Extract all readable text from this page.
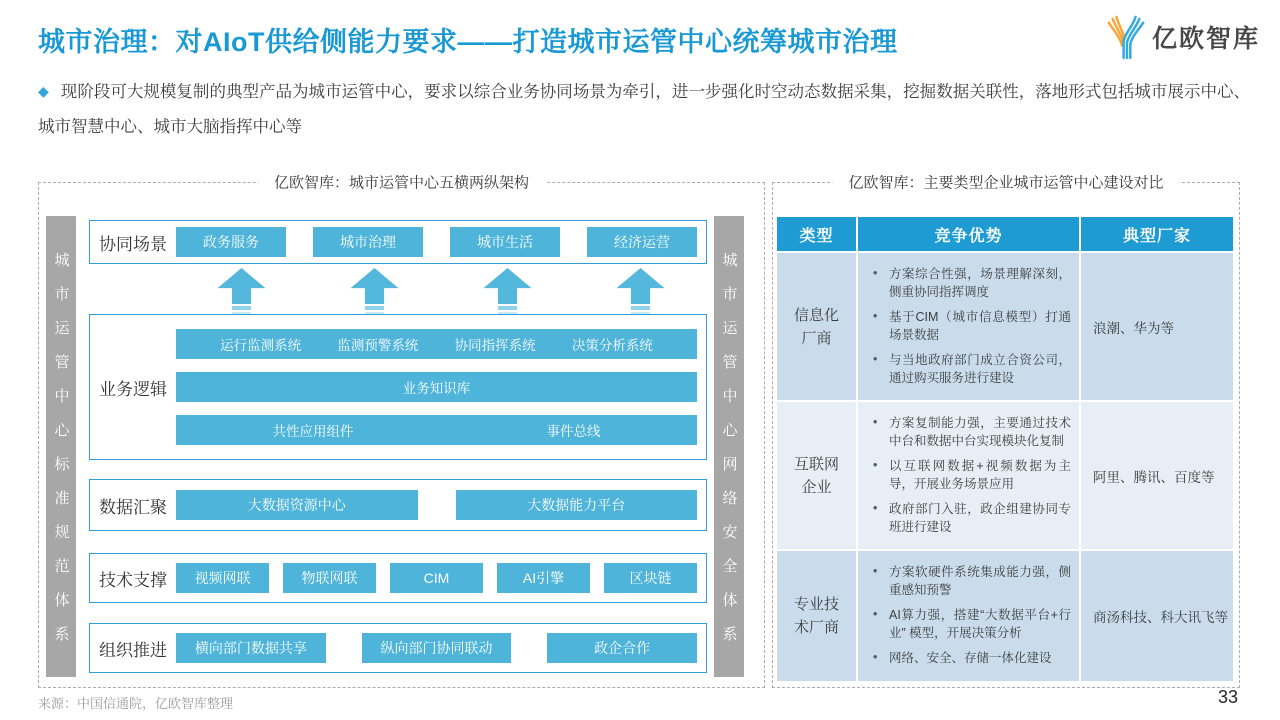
城市治理：对AIoT供给侧能力要求——打造城市运管中心统筹城市治理	亿欧智库

◆ 现阶段可大规模复制的典型产品为城市运管中心，要求以综合业务协同场景为牵引，进一步强化时空动态数据采集，挖掘数据关联性，落地形式包括城市展示中心、城市智慧中心、城市大脑指挥中心等

亿欧智库：城市运管中心五横两纵架构
城市运管中心标准规范体系	城市运管中心网络安全体系
协同场景	政务服务	城市治理	城市生活	经济运营
业务逻辑
运行监测系统	监测预警系统	协同指挥系统	决策分析系统
业务知识库
共性应用组件	事件总线
数据汇聚	大数据资源中心	大数据能力平台
技术支撑	视频网联	物联网联	CIM	AI引擎	区块链
组织推进	横向部门数据共享	纵向部门协同联动	政企合作
亿欧智库：主要类型企业城市运管中心建设对比
类型	竞争优势	典型厂家
信息化厂商
• 方案综合性强，场景理解深刻，侧重协同指挥调度
• 基于CIM（城市信息模型）打通场景数据
• 与当地政府部门成立合资公司，通过购买服务进行建设
浪潮、华为等
互联网企业
• 方案复制能力强，主要通过技术中台和数据中台实现模块化复制
• 以互联网数据+视频数据为主导，开展业务场景应用
• 政府部门入驻，政企组建协同专班进行建设
阿里、腾讯、百度等
专业技术厂商
• 方案软硬件系统集成能力强，侧重感知预警
• AI算力强，搭建“大数据平台+行业” 模型，开展决策分析
• 网络、安全、存储一体化建设
商汤科技、科大讯飞等
来源：中国信通院，亿欧智库整理	33
